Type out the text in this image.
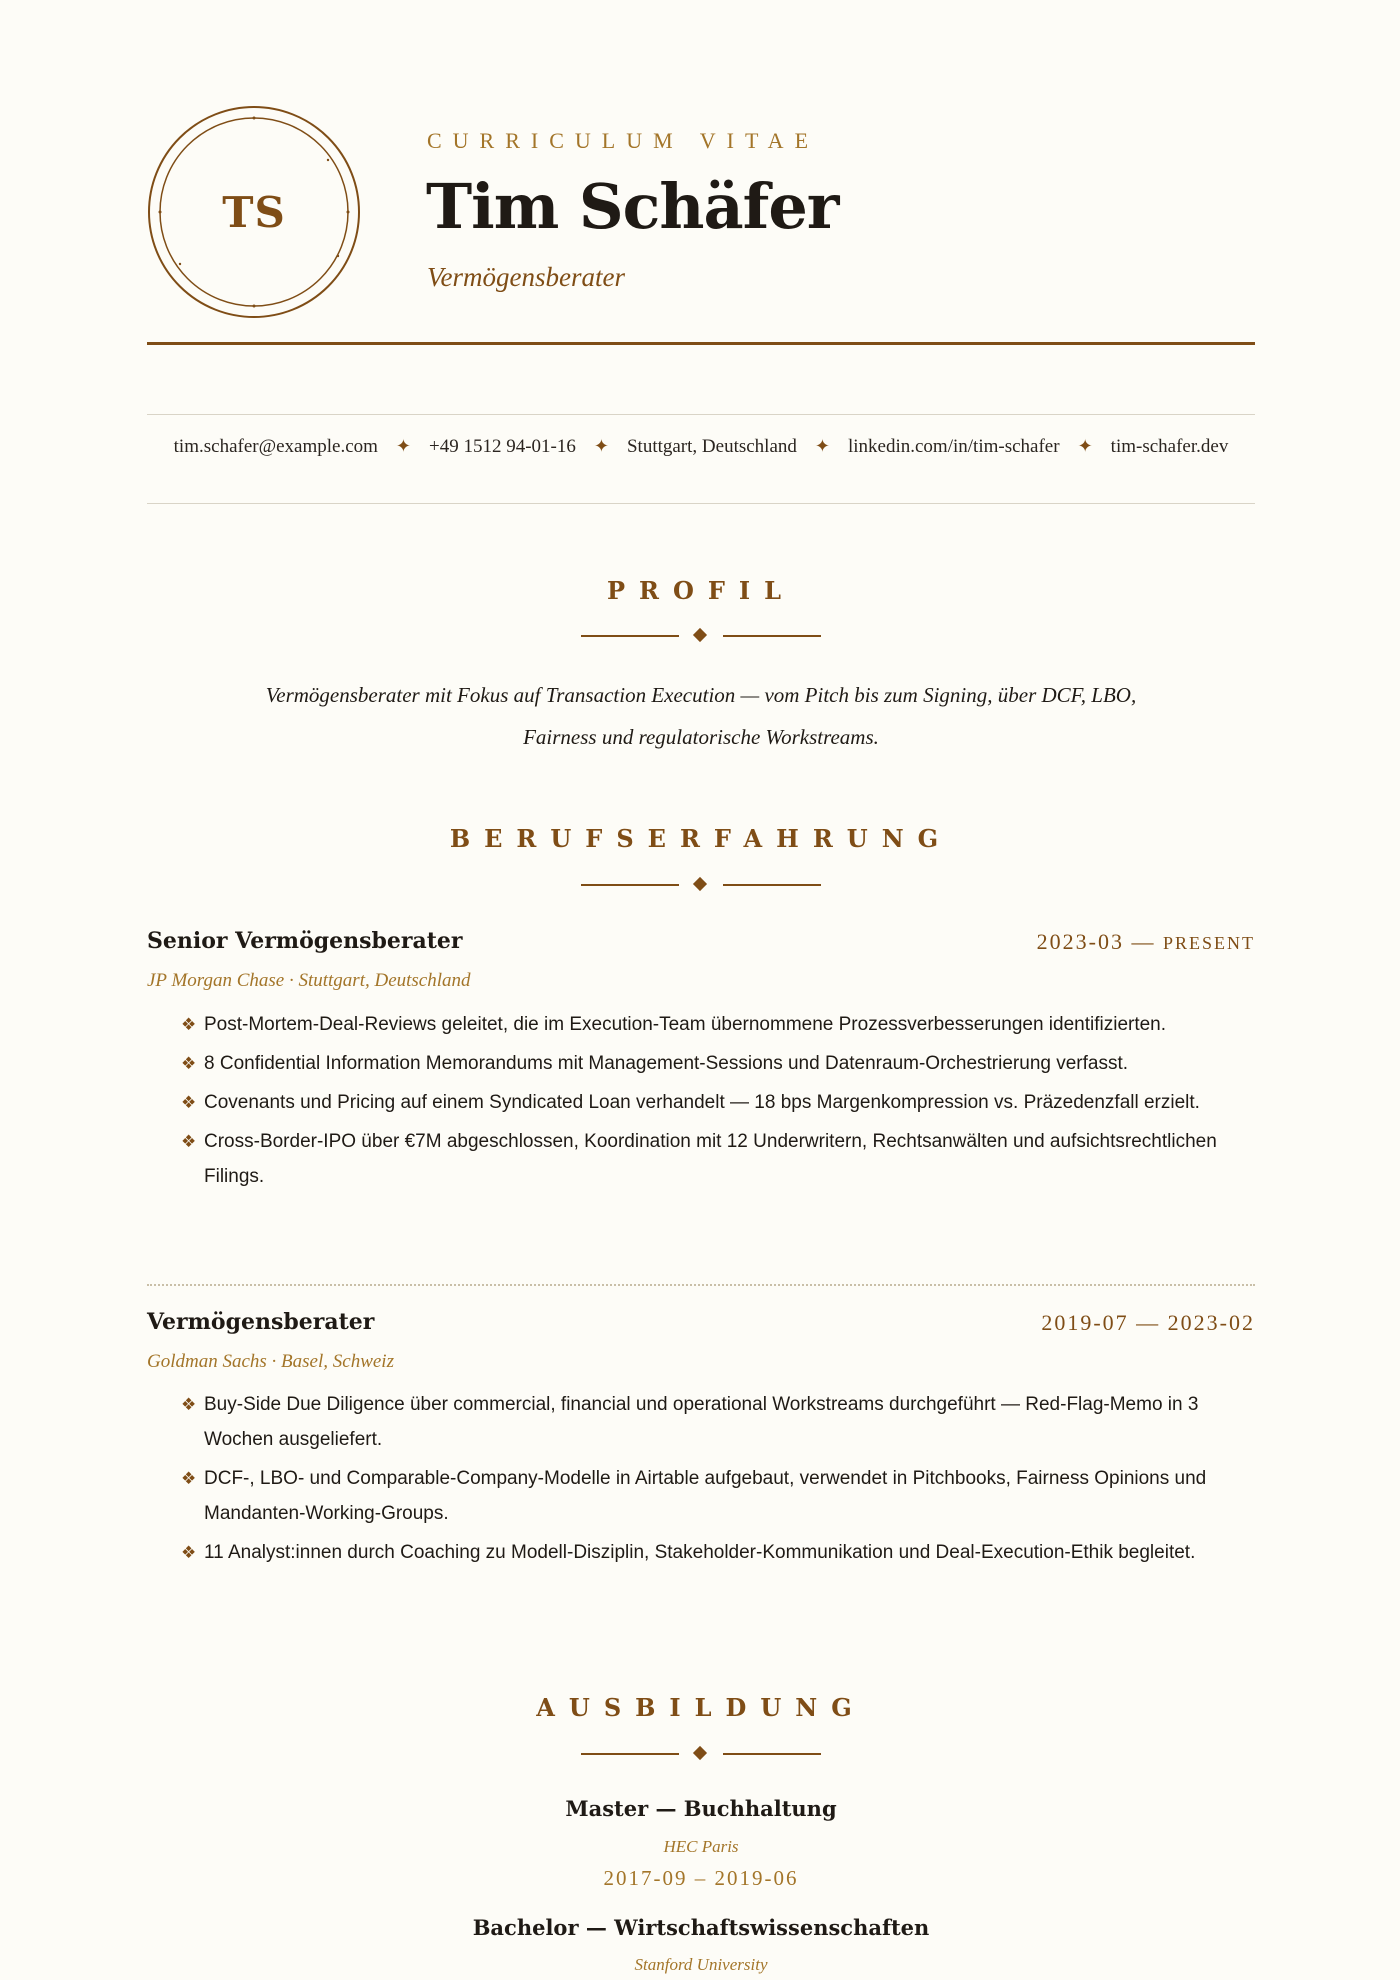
TS
CURRICULUM VITAE
Tim Schäfer
Vermögensberater
tim.schafer@example.com ✦ +49 1512 94-01-16 ✦ Stuttgart, Deutschland ✦ linkedin.com/in/tim-schafer ✦ tim-schafer.dev
PROFIL
Vermögensberater mit Fokus auf Transaction Execution — vom Pitch bis zum Signing, über DCF, LBO, Fairness und regulatorische Workstreams.
BERUFSERFAHRUNG
Senior Vermögensberater	2023-03 — PRESENT
JP Morgan Chase · Stuttgart, Deutschland
❖ Post-Mortem-Deal-Reviews geleitet, die im Execution-Team übernommene Prozessverbesserungen identifizierten.
❖ 8 Confidential Information Memorandums mit Management-Sessions und Datenraum-Orchestrierung verfasst.
❖ Covenants und Pricing auf einem Syndicated Loan verhandelt — 18 bps Margenkompression vs. Präzedenzfall erzielt.
❖ Cross-Border-IPO über €7M abgeschlossen, Koordination mit 12 Underwritern, Rechtsanwälten und aufsichtsrechtlichen Filings.
Vermögensberater	2019-07 — 2023-02
Goldman Sachs · Basel, Schweiz
❖ Buy-Side Due Diligence über commercial, financial und operational Workstreams durchgeführt — Red-Flag-Memo in 3 Wochen ausgeliefert.
❖ DCF-, LBO- und Comparable-Company-Modelle in Airtable aufgebaut, verwendet in Pitchbooks, Fairness Opinions und Mandanten-Working-Groups.
❖ 11 Analyst:innen durch Coaching zu Modell-Disziplin, Stakeholder-Kommunikation und Deal-Execution-Ethik begleitet.
AUSBILDUNG
Master — Buchhaltung
HEC Paris
2017-09 – 2019-06
Bachelor — Wirtschaftswissenschaften
Stanford University
